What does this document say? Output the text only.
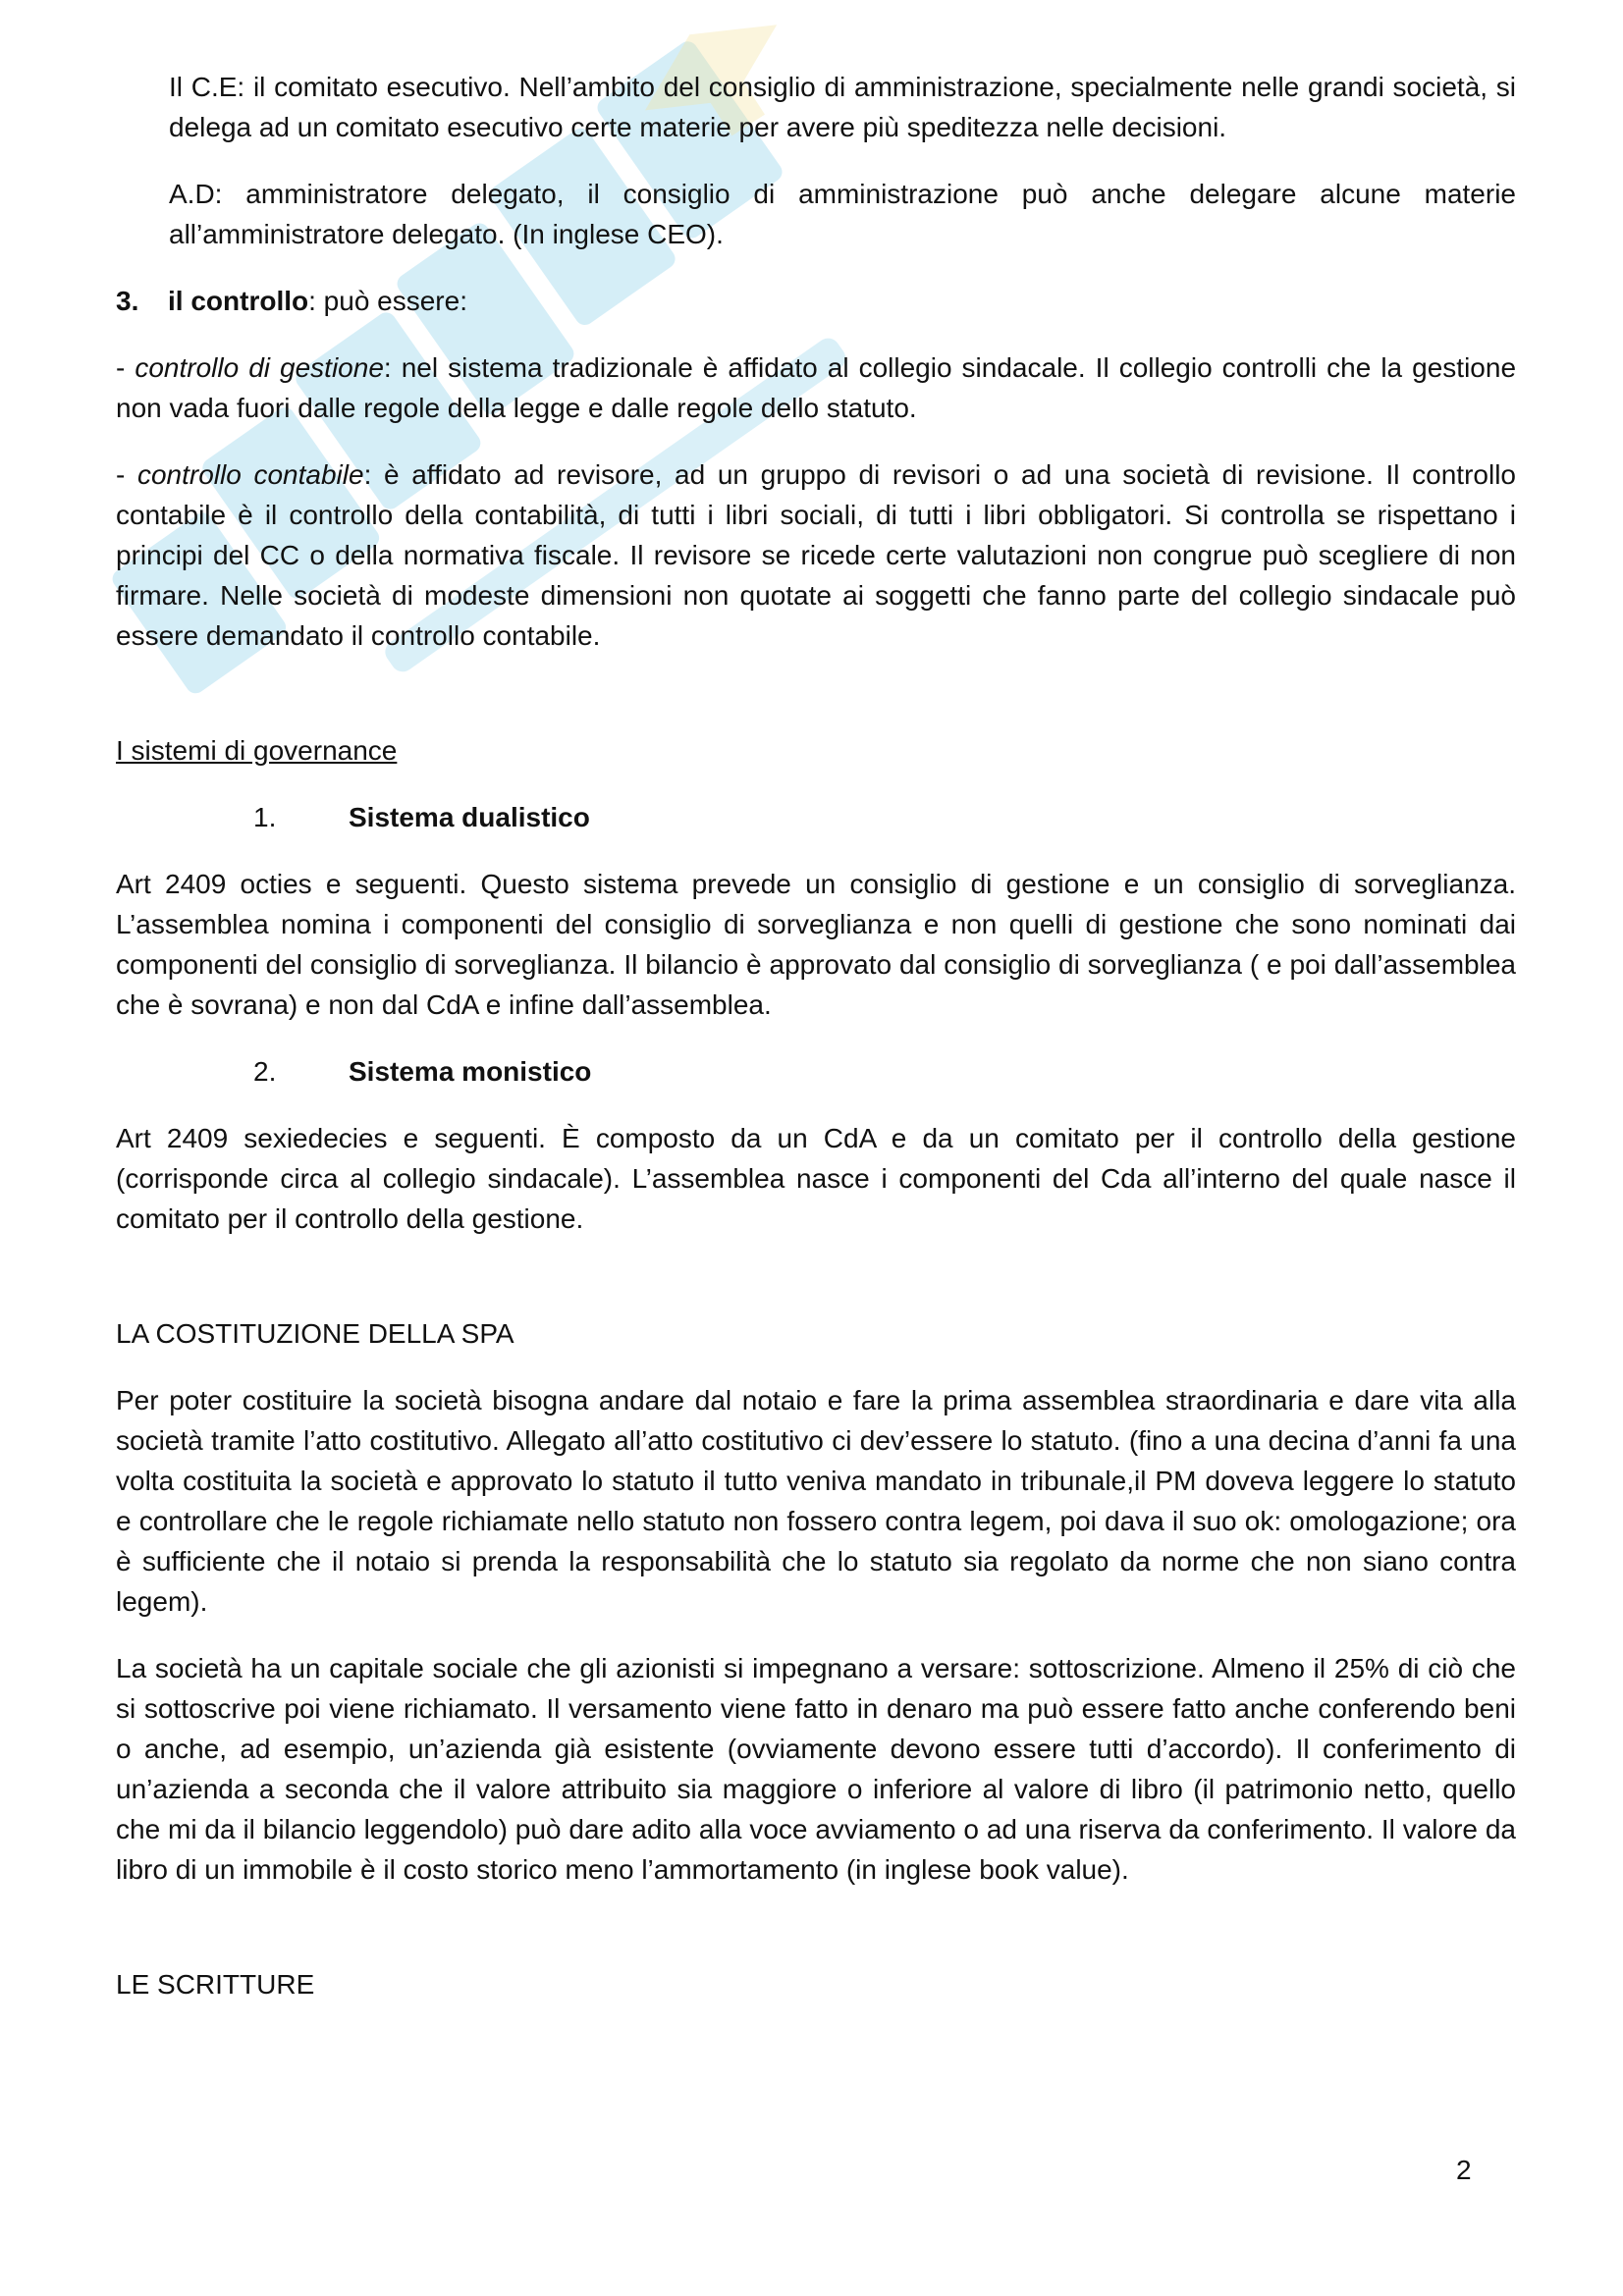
Il C.E: il comitato esecutivo. Nell’ambito del consiglio di amministrazione, specialmente nelle grandi società, si delega ad un comitato esecutivo certe materie per avere più speditezza nelle decisioni.

A.D: amministratore delegato, il consiglio di amministrazione può anche delegare alcune materie all’amministratore delegato. (In inglese CEO).

3.	il controllo: può essere:

- controllo di gestione: nel sistema tradizionale è affidato al collegio sindacale. Il collegio controlli che la gestione non vada fuori dalle regole della legge e dalle regole dello statuto.

- controllo contabile: è affidato ad revisore, ad un gruppo di revisori o ad una società di revisione. Il controllo contabile è il controllo della contabilità, di tutti i libri sociali, di tutti i libri obbligatori. Si controlla se rispettano i principi del CC o della normativa fiscale. Il revisore se ricede certe valutazioni non congrue può scegliere di non firmare. Nelle società di modeste dimensioni non quotate ai soggetti che fanno parte del collegio sindacale può essere demandato il controllo contabile.

I sistemi di governance

1.	Sistema dualistico

Art 2409 octies e seguenti. Questo sistema prevede un consiglio di gestione e un consiglio di sorveglianza. L’assemblea nomina i componenti del consiglio di sorveglianza e non quelli di gestione che sono nominati dai componenti del consiglio di sorveglianza. Il bilancio è approvato dal consiglio di sorveglianza ( e poi dall’assemblea che è sovrana) e non dal CdA e infine dall’assemblea.

2.	Sistema monistico

Art 2409 sexiedecies e seguenti. È composto da un CdA e da un comitato per il controllo della gestione (corrisponde circa al collegio sindacale). L’assemblea nasce i componenti del Cda all’interno del quale nasce il comitato per il controllo della gestione.

LA COSTITUZIONE DELLA SPA

Per poter costituire la società bisogna andare dal notaio e fare la prima assemblea straordinaria e dare vita alla società tramite l’atto costitutivo. Allegato all’atto costitutivo ci dev’essere lo statuto. (fino a una decina d’anni fa una volta costituita la società e approvato lo statuto il tutto veniva mandato in tribunale,il PM doveva leggere lo statuto e controllare che le regole richiamate nello statuto non fossero contra legem, poi dava il suo ok: omologazione; ora è sufficiente che il notaio si prenda la responsabilità che lo statuto sia regolato da norme che non siano contra legem).

La società ha un capitale sociale che gli azionisti si impegnano a versare: sottoscrizione. Almeno il 25% di ciò che si sottoscrive poi viene richiamato. Il versamento viene fatto in denaro ma può essere fatto anche conferendo beni o anche, ad esempio, un’azienda già esistente (ovviamente devono essere tutti d’accordo). Il conferimento di un’azienda a seconda che il valore attribuito sia maggiore o inferiore al valore di libro (il patrimonio netto, quello che mi da il bilancio leggendolo) può dare adito alla voce avviamento o ad una riserva da conferimento. Il valore da libro di un immobile è il costo storico meno l’ammortamento (in inglese book value).

LE SCRITTURE

2
